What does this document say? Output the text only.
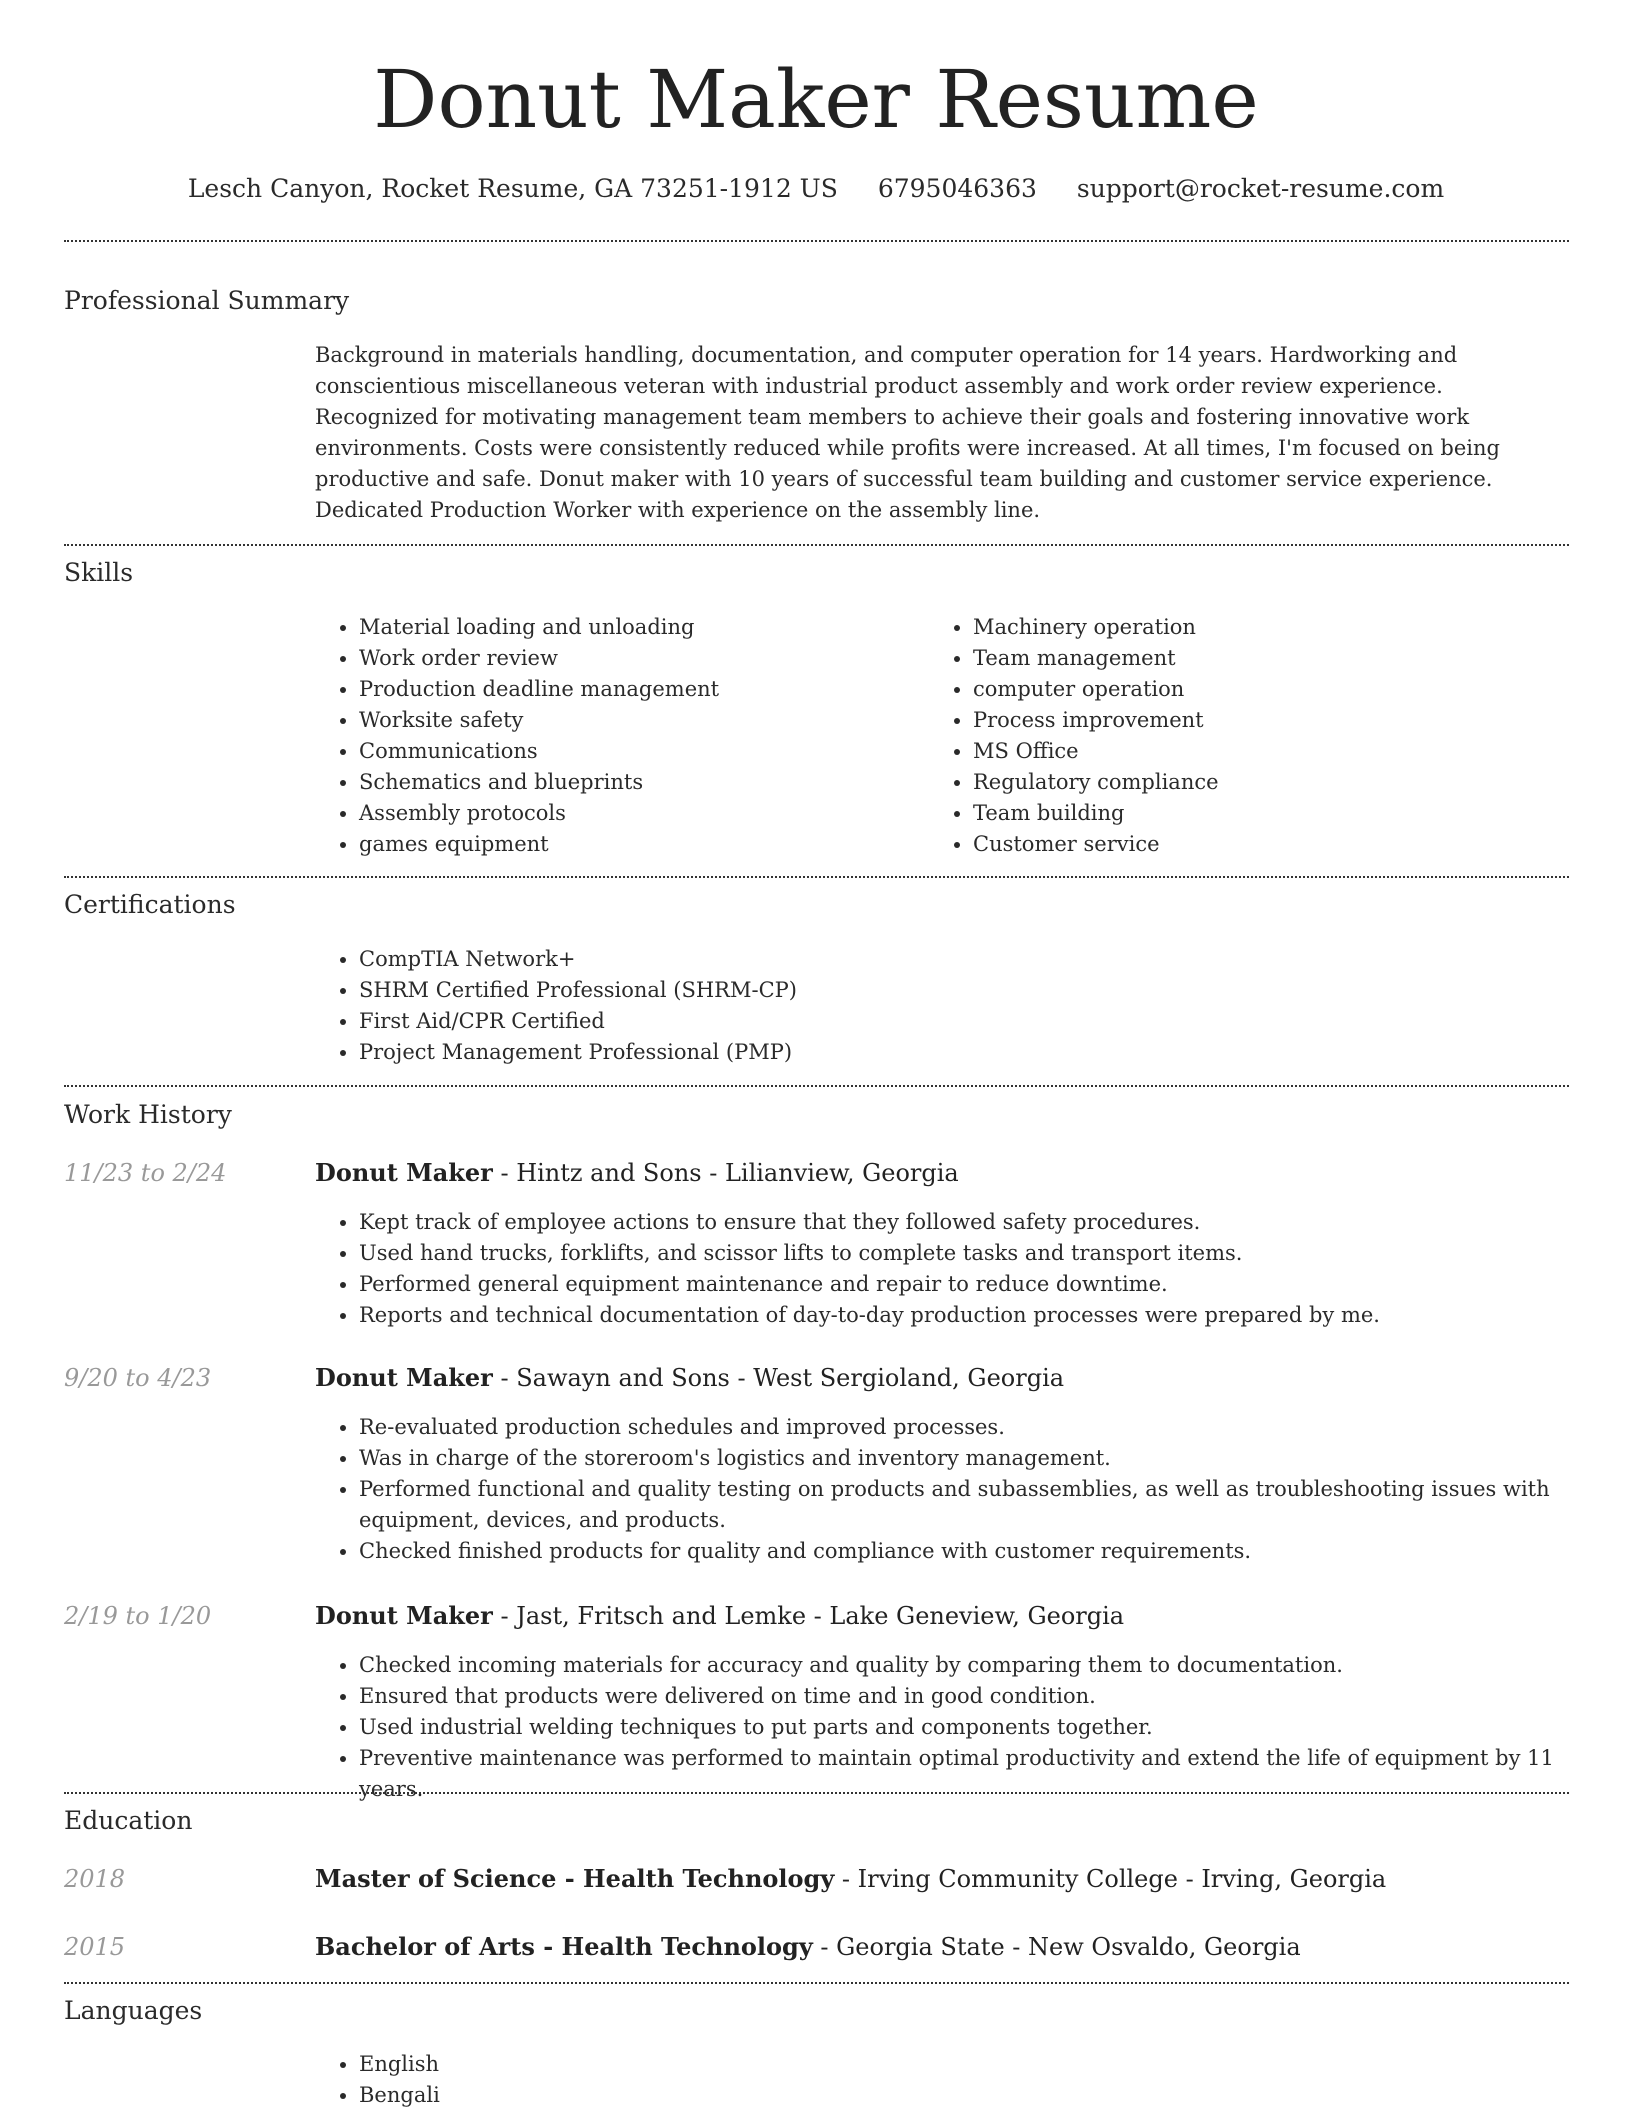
Donut Maker Resume
Lesch Canyon, Rocket Resume, GA 73251-1912 US 6795046363 support@rocket-resume.com
Professional Summary

Background in materials handling, documentation, and computer operation for 14 years. Hardworking and conscientious miscellaneous veteran with industrial product assembly and work order review experience. Recognized for motivating management team members to achieve their goals and fostering innovative work environments. Costs were consistently reduced while profits were increased. At all times, I'm focused on being productive and safe. Donut maker with 10 years of successful team building and customer service experience. Dedicated Production Worker with experience on the assembly line.

Skills
• Material loading and unloading
• Work order review
• Production deadline management
• Worksite safety
• Communications
• Schematics and blueprints
• Assembly protocols
• games equipment
• Machinery operation
• Team management
• computer operation
• Process improvement
• MS Office
• Regulatory compliance
• Team building
• Customer service
Certifications
• CompTIA Network+
• SHRM Certified Professional (SHRM-CP)
• First Aid/CPR Certified
• Project Management Professional (PMP)
Work History
11/23 to 2/24	Donut Maker - Hintz and Sons - Lilianview, Georgia
• Kept track of employee actions to ensure that they followed safety procedures.
• Used hand trucks, forklifts, and scissor lifts to complete tasks and transport items.
• Performed general equipment maintenance and repair to reduce downtime.
• Reports and technical documentation of day-to-day production processes were prepared by me.
9/20 to 4/23	Donut Maker - Sawayn and Sons - West Sergioland, Georgia
• Re-evaluated production schedules and improved processes.
• Was in charge of the storeroom's logistics and inventory management.
• Performed functional and quality testing on products and subassemblies, as well as troubleshooting issues with equipment, devices, and products.
• Checked finished products for quality and compliance with customer requirements.
2/19 to 1/20	Donut Maker - Jast, Fritsch and Lemke - Lake Geneview, Georgia
• Checked incoming materials for accuracy and quality by comparing them to documentation.
• Ensured that products were delivered on time and in good condition.
• Used industrial welding techniques to put parts and components together.
• Preventive maintenance was performed to maintain optimal productivity and extend the life of equipment by 11 years.
Education
2018	Master of Science - Health Technology - Irving Community College - Irving, Georgia
2015	Bachelor of Arts - Health Technology - Georgia State - New Osvaldo, Georgia
Languages
• English
• Bengali
